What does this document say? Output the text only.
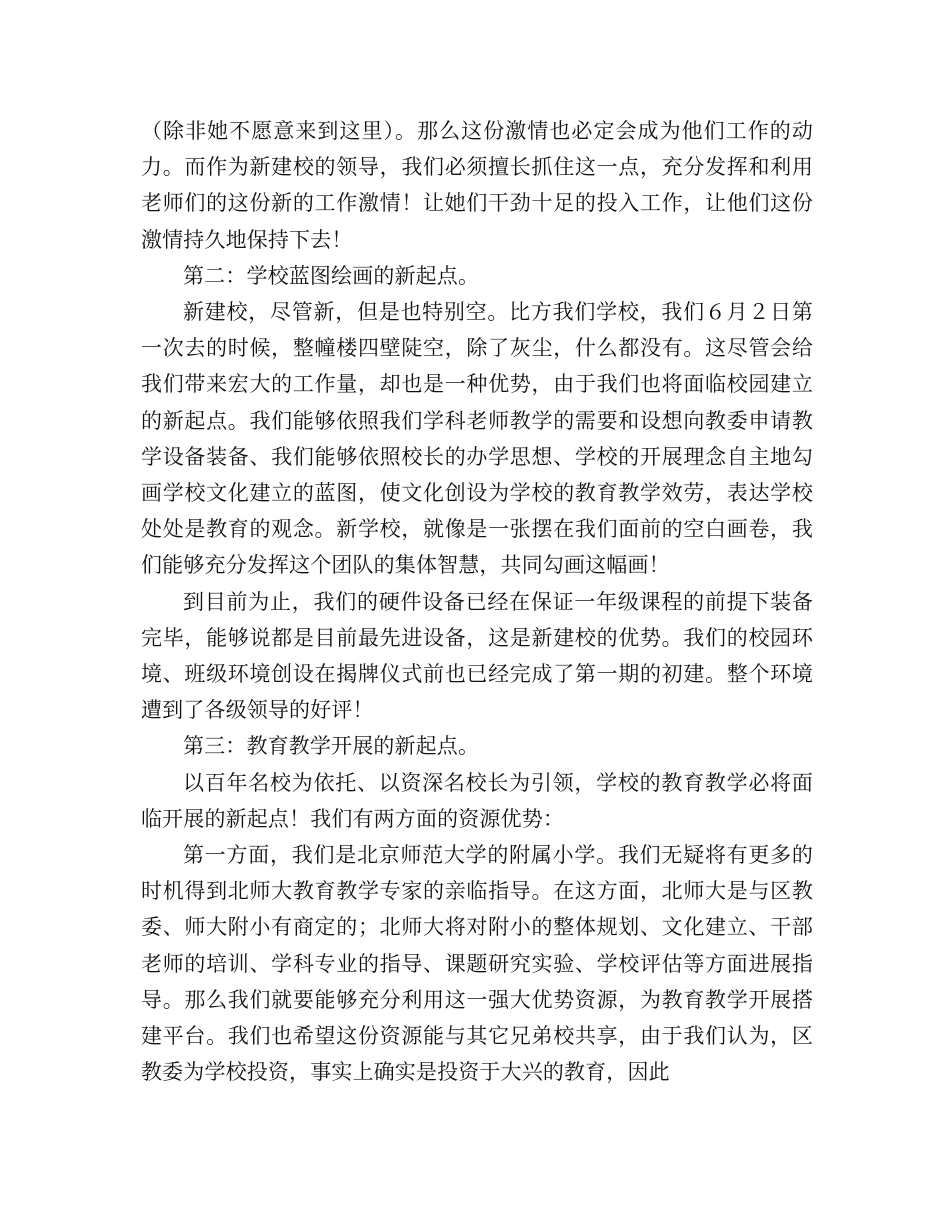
（除非她不愿意来到这里）。那么这份激情也必定会成为他们工作的动力。而作为新建校的领导，我们必须擅长抓住这一点，充分发挥和利用老师们的这份新的工作激情！让她们干劲十足的投入工作，让他们这份激情持久地保持下去！

第二：学校蓝图绘画的新起点。

新建校，尽管新，但是也特别空。比方我们学校，我们６月２日第一次去的时候，整幢楼四壁陡空，除了灰尘，什么都没有。这尽管会给我们带来宏大的工作量，却也是一种优势，由于我们也将面临校园建立的新起点。我们能够依照我们学科老师教学的需要和设想向教委申请教学设备装备、我们能够依照校长的办学思想、学校的开展理念自主地勾画学校文化建立的蓝图，使文化创设为学校的教育教学效劳，表达学校处处是教育的观念。新学校，就像是一张摆在我们面前的空白画卷，我们能够充分发挥这个团队的集体智慧，共同勾画这幅画！

到目前为止，我们的硬件设备已经在保证一年级课程的前提下装备完毕，能够说都是目前最先进设备，这是新建校的优势。我们的校园环境、班级环境创设在揭牌仪式前也已经完成了第一期的初建。整个环境遭到了各级领导的好评！

第三：教育教学开展的新起点。

以百年名校为依托、以资深名校长为引领，学校的教育教学必将面临开展的新起点！我们有两方面的资源优势：

第一方面，我们是北京师范大学的附属小学。我们无疑将有更多的时机得到北师大教育教学专家的亲临指导。在这方面，北师大是与区教委、师大附小有商定的；北师大将对附小的整体规划、文化建立、干部老师的培训、学科专业的指导、课题研究实验、学校评估等方面进展指导。那么我们就要能够充分利用这一强大优势资源，为教育教学开展搭建平台。我们也希望这份资源能与其它兄弟校共享，由于我们认为，区教委为学校投资，事实上确实是投资于大兴的教育，因此
